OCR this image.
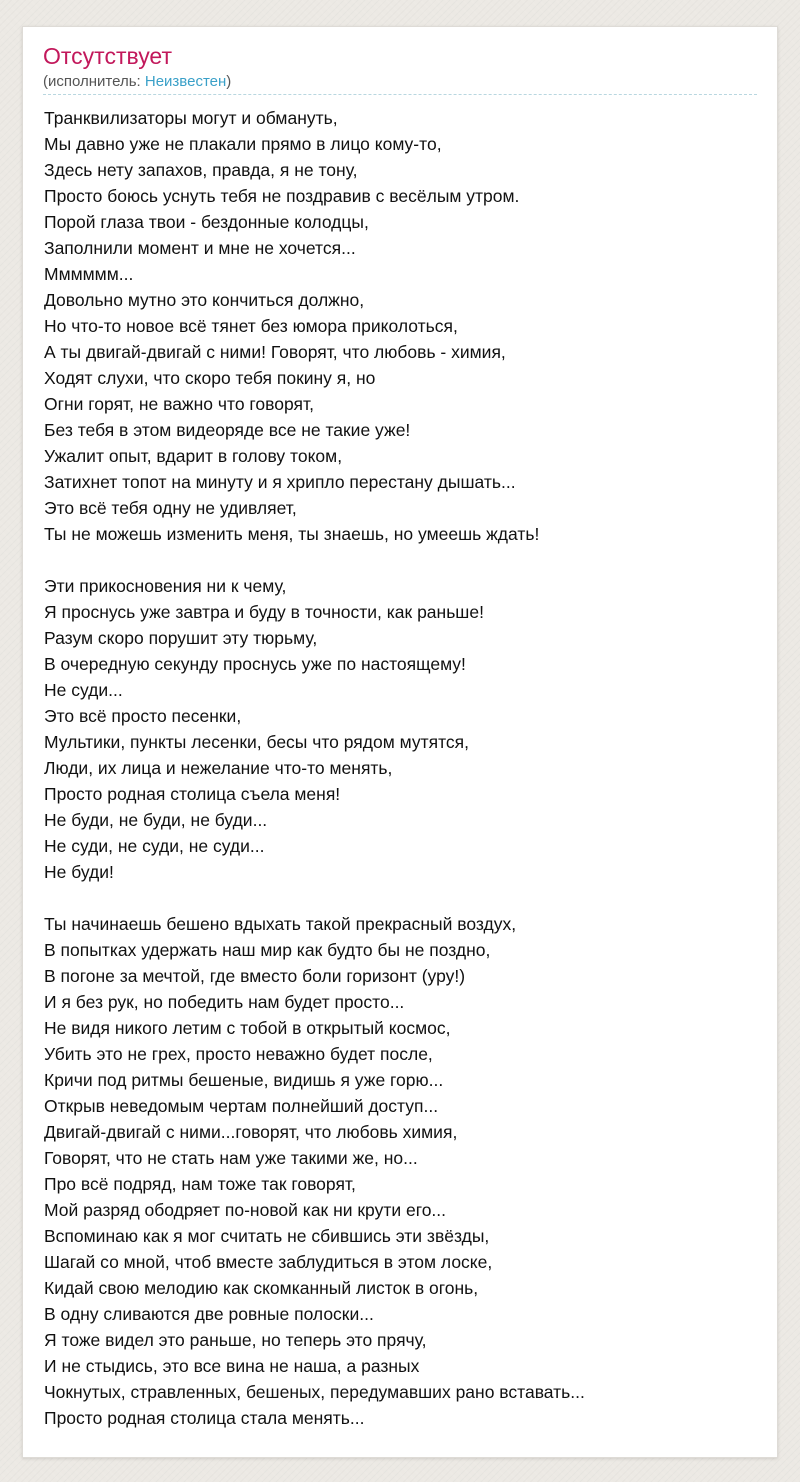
Отсутствует
(исполнитель: Неизвестен)
Транквилизаторы могут и обмануть,
Мы давно уже не плакали прямо в лицо кому-то,
Здесь нету запахов, правда, я не тону,
Просто боюсь уснуть тебя не поздравив с весёлым утром.
Порой глаза твои - бездонные колодцы,
Заполнили момент и мне не хочется...
Мммммм...
Довольно мутно это кончиться должно,
Но что-то новое всё тянет без юмора приколоться,
А ты двигай-двигай с ними! Говорят, что любовь - химия,
Ходят слухи, что скоро тебя покину я, но
Огни горят, не важно что говорят,
Без тебя в этом видеоряде все не такие уже!
Ужалит опыт, вдарит в голову током,
Затихнет топот на минуту и я хрипло перестану дышать...
Это всё тебя одну не удивляет,
Ты не можешь изменить меня, ты знаешь, но умеешь ждать!
Эти прикосновения ни к чему,
Я проснусь уже завтра и буду в точности, как раньше!
Разум скоро порушит эту тюрьму,
В очередную секунду проснусь уже по настоящему!
Не суди...
Это всё просто песенки,
Мультики, пункты лесенки, бесы что рядом мутятся,
Люди, их лица и нежелание что-то менять,
Просто родная столица съела меня!
Не буди, не буди, не буди...
Не суди, не суди, не суди...
Не буди!
Ты начинаешь бешено вдыхать такой прекрасный воздух,
В попытках удержать наш мир как будто бы не поздно,
В погоне за мечтой, где вместо боли горизонт (уру!)
И я без рук, но победить нам будет просто...
Не видя никого летим с тобой в открытый космос,
Убить это не грех, просто неважно будет после,
Кричи под ритмы бешеные, видишь я уже горю...
Открыв неведомым чертам полнейший доступ...
Двигай-двигай с ними...говорят, что любовь химия,
Говорят, что не стать нам уже такими же, но...
Про всё подряд, нам тоже так говорят,
Мой разряд ободряет по-новой как ни крути его...
Вспоминаю как я мог считать не сбившись эти звёзды,
Шагай со мной, чтоб вместе заблудиться в этом лоске,
Кидай свою мелодию как скомканный листок в огонь,
В одну сливаются две ровные полоски...
Я тоже видел это раньше, но теперь это прячу,
И не стыдись, это все вина не наша, а разных
Чокнутых, стравленных, бешеных, передумавших рано вставать...
Просто родная столица стала менять...
